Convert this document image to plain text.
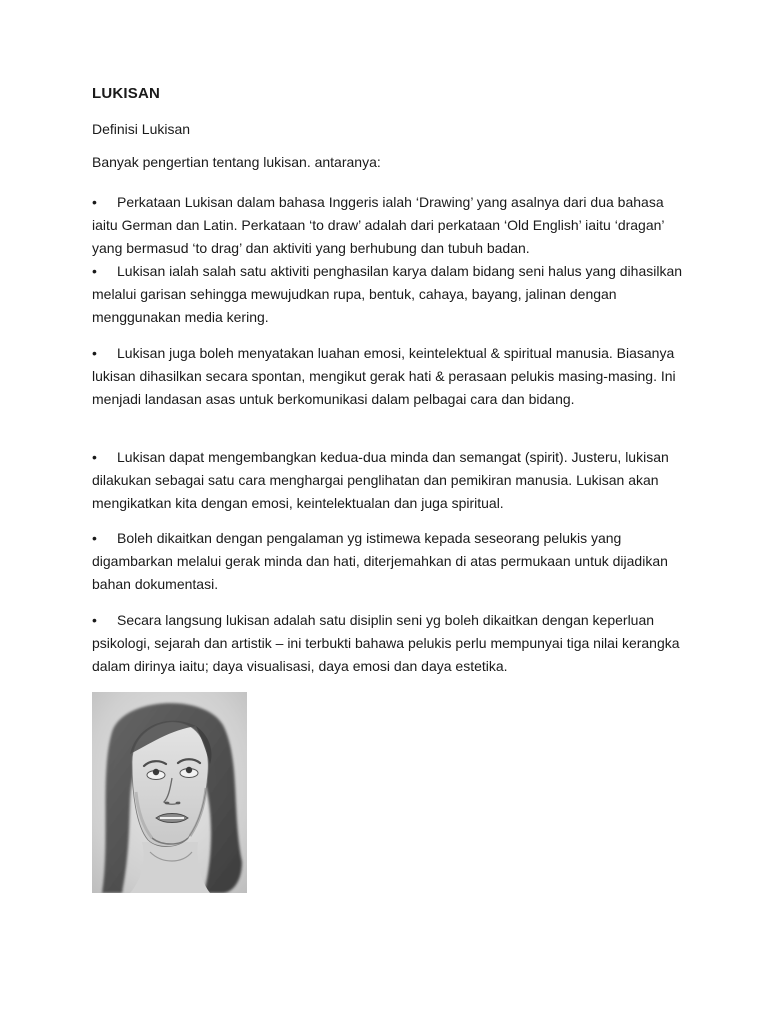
LUKISAN

Definisi Lukisan

Banyak pengertian tentang lukisan. antaranya:

• Perkataan Lukisan dalam bahasa Inggeris ialah ‘Drawing’ yang asalnya dari dua bahasa iaitu German dan Latin. Perkataan ‘to draw’ adalah dari perkataan ‘Old English’ iaitu ‘dragan’ yang bermasud ‘to drag’ dan aktiviti yang berhubung dan tubuh badan.

• Lukisan ialah salah satu aktiviti penghasilan karya dalam bidang seni halus yang dihasilkan melalui garisan sehingga mewujudkan rupa, bentuk, cahaya, bayang, jalinan dengan menggunakan media kering.

• Lukisan juga boleh menyatakan luahan emosi, keintelektual & spiritual manusia. Biasanya lukisan dihasilkan secara spontan, mengikut gerak hati & perasaan pelukis masing-masing. Ini menjadi landasan asas untuk berkomunikasi dalam pelbagai cara dan bidang.

• Lukisan dapat mengembangkan kedua-dua minda dan semangat (spirit). Justeru, lukisan dilakukan sebagai satu cara menghargai penglihatan dan pemikiran manusia. Lukisan akan mengikatkan kita dengan emosi, keintelektualan dan juga spiritual.

• Boleh dikaitkan dengan pengalaman yg istimewa kepada seseorang pelukis yang digambarkan melalui gerak minda dan hati, diterjemahkan di atas permukaan untuk dijadikan bahan dokumentasi.

• Secara langsung lukisan adalah satu disiplin seni yg boleh dikaitkan dengan keperluan psikologi, sejarah dan artistik – ini terbukti bahawa pelukis perlu mempunyai tiga nilai kerangka dalam dirinya iaitu; daya visualisasi, daya emosi dan daya estetika.
